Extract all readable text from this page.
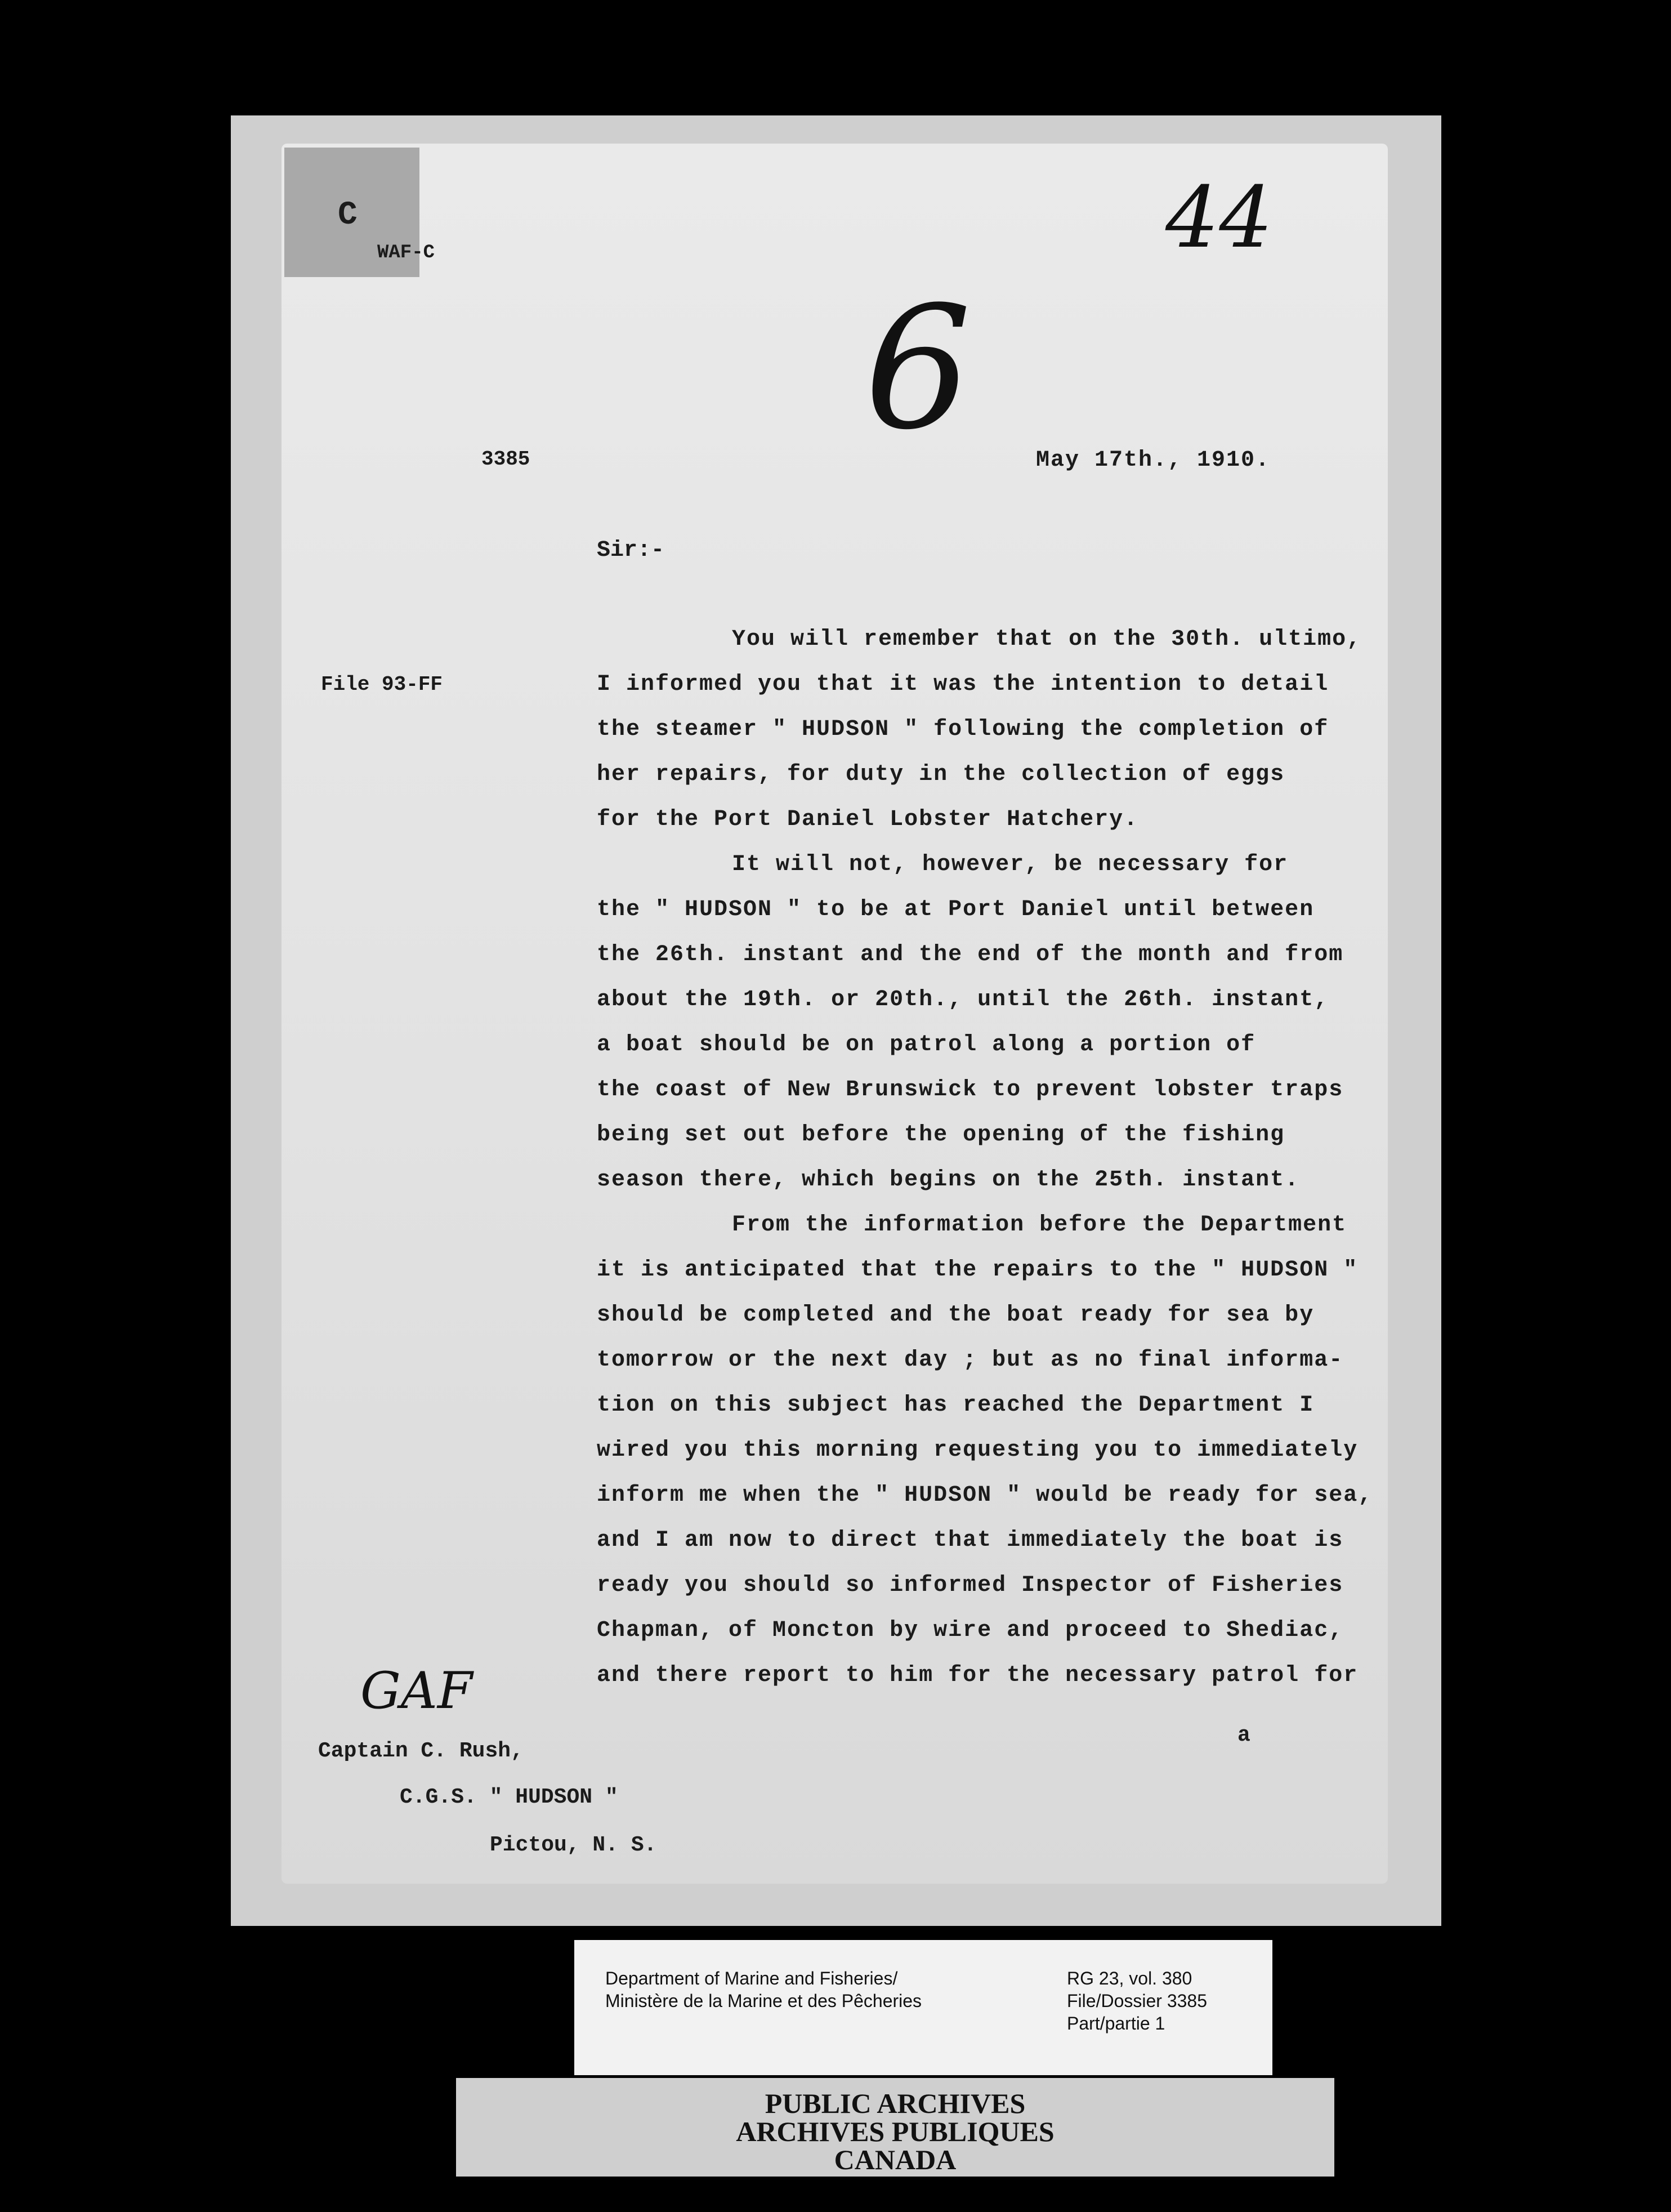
C
WAF-C	44
6
3385	May 17th., 1910.
Sir:-
File 93-FF
You will remember that on the 30th. ultimo,
I informed you that it was the intention to detail
the steamer " HUDSON " following the completion of
her repairs, for duty in the collection of eggs
for the Port Daniel Lobster Hatchery.
It will not, however, be necessary for
the " HUDSON " to be at Port Daniel until between
the 26th. instant and the end of the month and from
about the 19th. or 20th., until the 26th. instant,
a boat should be on patrol along a portion of
the coast of New Brunswick to prevent lobster traps
being set out before the opening of the fishing
season there, which begins on the 25th. instant.
From the information before the Department
it is anticipated that the repairs to the " HUDSON "
should be completed and the boat ready for sea by
tomorrow or the next day ; but as no final informa-
tion on this subject has reached the Department I
wired you this morning requesting you to immediately
inform me when the " HUDSON " would be ready for sea,
and I am now to direct that immediately the boat is
ready you should so informed Inspector of Fisheries
Chapman, of Moncton by wire and proceed to Shediac,
and there report to him for the necessary patrol for
a
GAF
Captain C. Rush,
C.G.S. " HUDSON "
Pictou, N. S.
Department of Marine and Fisheries/
Ministère de la Marine et des Pêcheries
RG 23, vol. 380
File/Dossier 3385
Part/partie 1
PUBLIC ARCHIVES
ARCHIVES PUBLIQUES
CANADA
